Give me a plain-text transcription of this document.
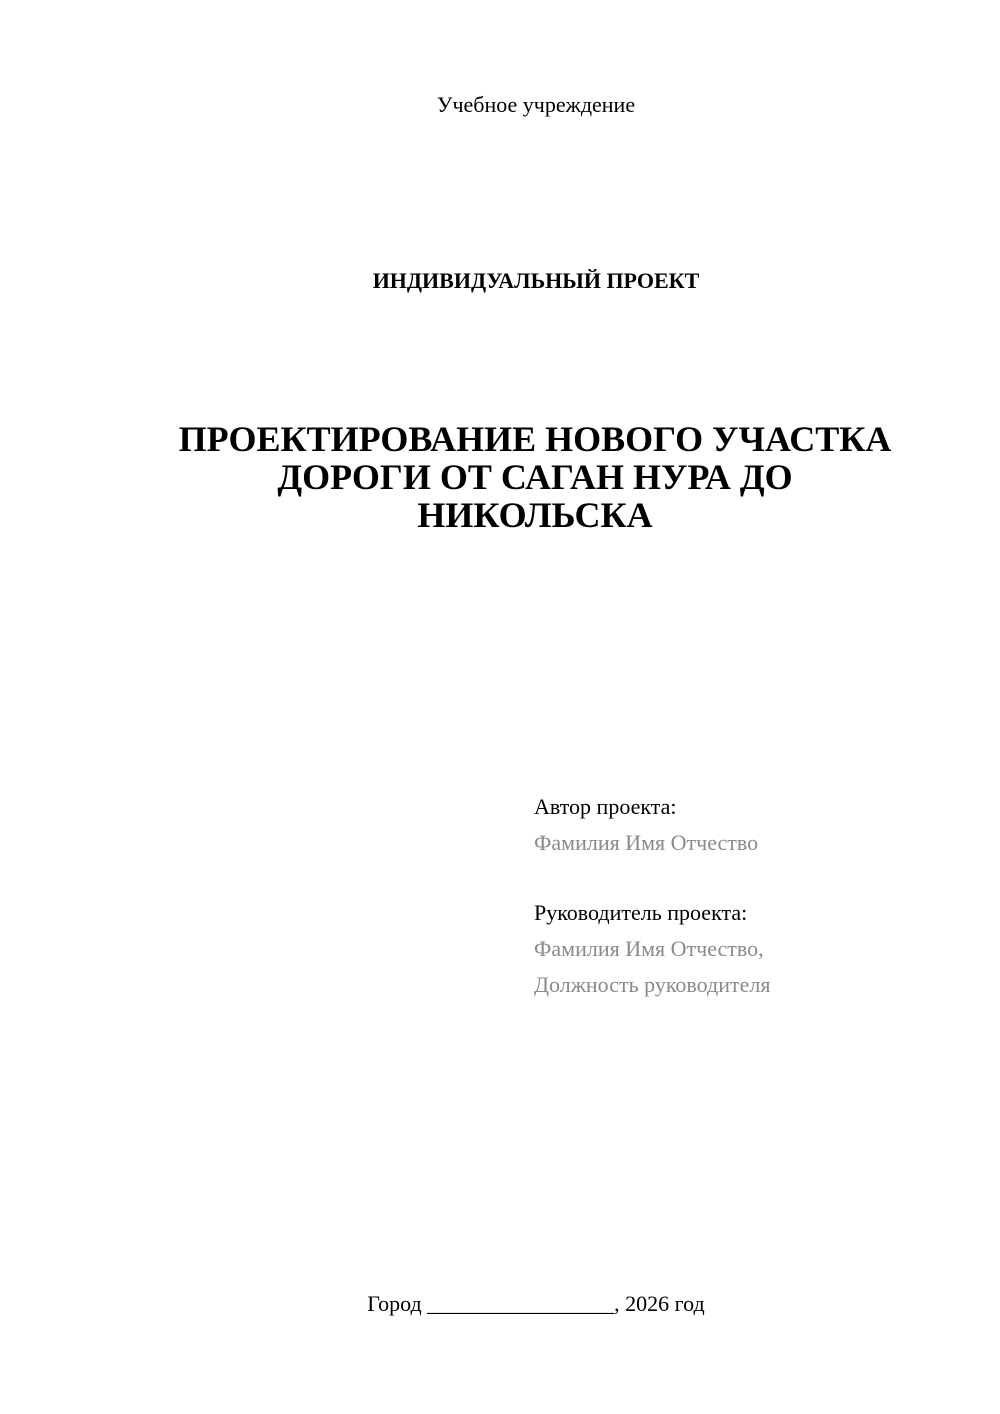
Учебное учреждение
ИНДИВИДУАЛЬНЫЙ ПРОЕКТ
ПРОЕКТИРОВАНИЕ НОВОГО УЧАСТКА
ДОРОГИ ОТ САГАН НУРА ДО
НИКОЛЬСКА
Автор проекта:
Фамилия Имя Отчество
Руководитель проекта:
Фамилия Имя Отчество,
Должность руководителя
Город _________________, 2026 год
